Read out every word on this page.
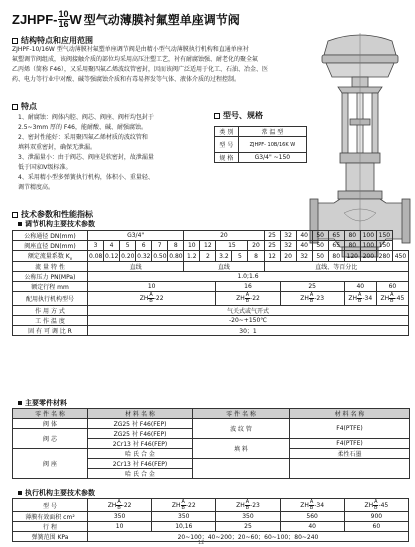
ZJHPF- $\frac{10}{16}$ W 型气动薄膜衬氟塑单座调节阀
结构特点和应用范围

ZJHPF-10/16W 型气动薄膜衬氟塑单座调节阀是由精小型气动薄膜执行机构和直通单座衬

氟塑调节阀组成，该阀接触介质的部位均采用高压注塑工艺，衬有耐腐蚀强、耐老化的聚全氟

乙丙烯（简称 F46），又采用聚四氟乙烯波纹管密封，因而该阀广泛适用于化工、石油、冶金、医

药、电力等行业中对酸、碱等强腐蚀介质和有毒易挥发等气体、液体介质的过程控制。

特点

1、耐腐蚀：阀体内腔、阀芯、阀座、阀杆均包封于

2.5~3mm 厚的 F46，能耐酸、碱、耐强腐蚀。

2、密封性能好：采用聚四氟乙烯材质的波纹管和

填料双重密封，确保无泄漏。

3、泄漏量小：由于阀芯、阀座是软密封，故泄漏量

低于国家Ⅳ级标准。

4、采用精小型多弹簧执行机构，体积小、重量轻、

调节精度高。

型号、规格
类 别	常 温 型
型 号	ZJHPF- 10B/16K W
规 格	G3/4" ~150
技术参数和性能指标
调节机构主要技术参数
公称通径 DN(mm)	G3/4"						20					25	32	40	50	65	80	100	150	
阀座直径 DN(mm)	3	4	5	6	7	8	10	12	15		20	25	32	40	50	65	80	100	150	
额定流量系数 $K_v$	0.08	0.12	0.20	0.32	0.50	0.80	1.2	2	3.2	5	8	12	20	32	50	80	120	200	280	450
流 量 特 性	直线						直线					直线、等百分比								
公称压力 PN(MPa)	1.0;1.6																			
额定行程 mm	10								16				25				40		60	
配用执行机构型号	ZH $\frac{A}{B} -22$								ZH $\frac{A}{B} -22$				ZH $\frac{A}{B} -23$				ZH $\frac{A}{B} -34$		ZH $\frac{A}{B} -45$	
作 用 方 式	气关式或气开式																			
工 作 温 度	-20~+150℃																			
固 有 可 调 比 R	30；1																			
主要零件材料
零 件 名 称	材 料 名 称	零 件 名 称	材 料 名 称
阀 体	ZG25 衬 F46(FEP)	波 纹 管	F4(PTFE)
阀 芯	ZG25 衬 F46(FEP)		
	2Cr13 衬 F46(FEP)	填 料	F4(PTFE)
阀 座	哈 氏 合 金		柔性石墨
	2Cr13 衬 F46(FEP)		
	哈 氏 合 金		
执行机构主要技术参数
型 号	ZH $\frac{A}{B} -22$	ZH $\frac{A}{B} -22$	ZH $\frac{A}{B} -23$	ZH $\frac{A}{B} -34$	ZH $\frac{A}{B} -45$
薄膜有效面积 cm²	350	350	350	560	900
行 程	10	10,16	25	40	60
弹簧范围 KPa	20~100；40~200；20~60；60~100；80~240				
12
